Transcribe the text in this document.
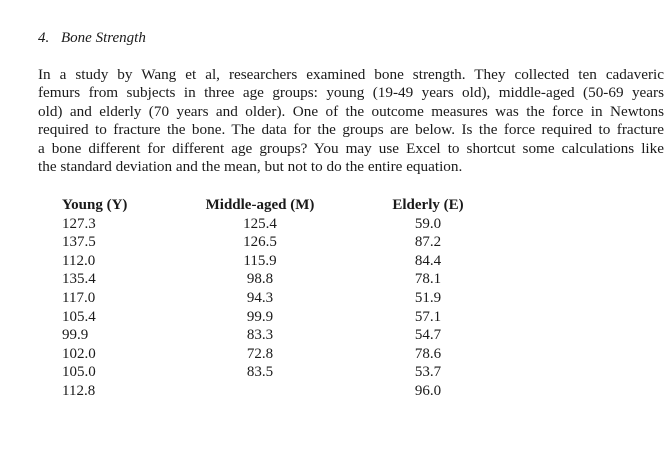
4. Bone Strength

In a study by Wang et al, researchers examined bone strength. They collected ten cadaveric
femurs from subjects in three age groups: young (19-49 years old), middle-aged (50-69 years
old) and elderly (70 years and older). One of the outcome measures was the force in Newtons
required to fracture the bone. The data for the groups are below. Is the force required to fracture
a bone different for different age groups? You may use Excel to shortcut some calculations like
the standard deviation and the mean, but not to do the entire equation.

Young (Y)
127.3
137.5
112.0
135.4
117.0
105.4
99.9
102.0
105.0
112.8
Middle-aged (M)
125.4
126.5
115.9
98.8
94.3
99.9
83.3
72.8
83.5
Elderly (E)
59.0
87.2
84.4
78.1
51.9
57.1
54.7
78.6
53.7
96.0
